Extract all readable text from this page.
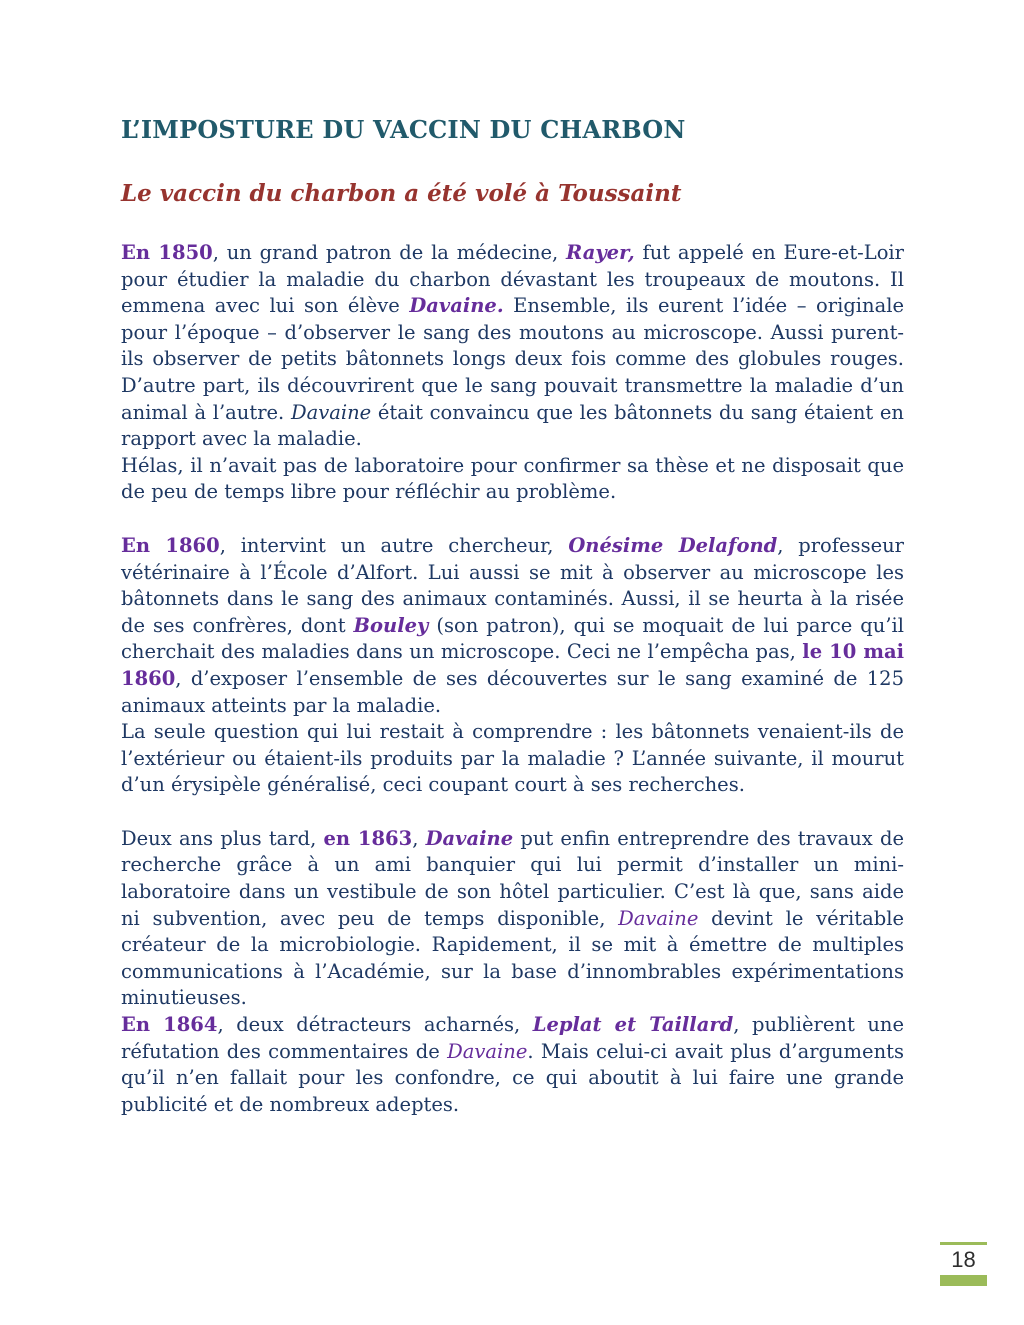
L’IMPOSTURE DU VACCIN DU CHARBON
Le vaccin du charbon a été volé à Toussaint

En 1850, un grand patron de la médecine, Rayer, fut appelé en Eure-et-Loir pour étudier la maladie du charbon dévastant les troupeaux de moutons. Il emmena avec lui son élève Davaine. Ensemble, ils eurent l’idée – originale pour l’époque – d’observer le sang des moutons au microscope. Aussi purent-ils observer de petits bâtonnets longs deux fois comme des globules rouges. D’autre part, ils découvrirent que le sang pouvait transmettre la maladie d’un animal à l’autre. Davaine était convaincu que les bâtonnets du sang étaient en rapport avec la maladie.

Hélas, il n’avait pas de laboratoire pour confirmer sa thèse et ne disposait que de peu de temps libre pour réfléchir au problème.

En 1860, intervint un autre chercheur, Onésime Delafond, professeur vétérinaire à l’École d’Alfort. Lui aussi se mit à observer au microscope les bâtonnets dans le sang des animaux contaminés. Aussi, il se heurta à la risée de ses confrères, dont Bouley (son patron), qui se moquait de lui parce qu’il cherchait des maladies dans un microscope. Ceci ne l’empêcha pas, le 10 mai 1860, d’exposer l’ensemble de ses découvertes sur le sang examiné de 125 animaux atteints par la maladie.

La seule question qui lui restait à comprendre : les bâtonnets venaient-ils de l’extérieur ou étaient-ils produits par la maladie ? L’année suivante, il mourut d’un érysipèle généralisé, ceci coupant court à ses recherches.

Deux ans plus tard, en 1863, Davaine put enfin entreprendre des travaux de recherche grâce à un ami banquier qui lui permit d’installer un mini-laboratoire dans un vestibule de son hôtel particulier. C’est là que, sans aide ni subvention, avec peu de temps disponible, Davaine devint le véritable créateur de la microbiologie. Rapidement, il se mit à émettre de multiples communications à l’Académie, sur la base d’innombrables expérimentations minutieuses.

En 1864, deux détracteurs acharnés, Leplat et Taillard, publièrent une réfutation des commentaires de Davaine. Mais celui-ci avait plus d’arguments qu’il n’en fallait pour les confondre, ce qui aboutit à lui faire une grande publicité et de nombreux adeptes.

18
